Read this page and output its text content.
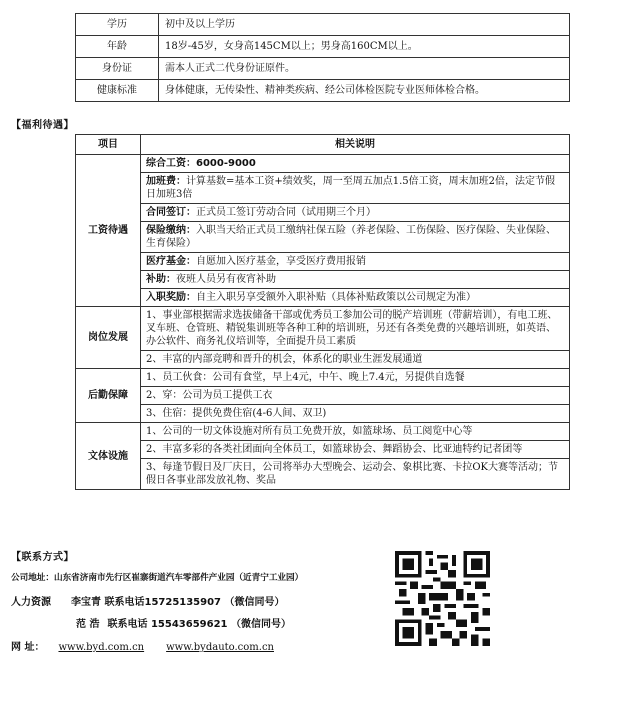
学历	初中及以上学历
年龄	18岁-45岁，女身高145CM以上；男身高160CM以上。
身份证	需本人正式二代身份证原件。
健康标准	身体健康，无传染性、精神类疾病、经公司体检医院专业医师体检合格。
【福利待遇】
项目	相关说明
工资待遇	综合工资：6000-9000
	加班费：计算基数=基本工资+绩效奖，周一至周五加点1.5倍工资，周末加班2倍，法定节假日加班3倍
	合同签订：正式员工签订劳动合同（试用期三个月）
	保险缴纳：入职当天给正式员工缴纳社保五险（养老保险、工伤保险、医疗保险、失业保险、生育保险）
	医疗基金：自愿加入医疗基金，享受医疗费用报销
	补助：夜班人员另有夜宵补助
	入职奖励：自主入职另享受额外入职补贴（具体补贴政策以公司规定为准）
岗位发展	1、事业部根据需求选拔储备干部或优秀员工参加公司的脱产培训班（带薪培训），有电工班、叉车班、仓管班、精锐集训班等各种工种的培训班，另还有各类免费的兴趣培训班，如英语、办公软件、商务礼仪培训等，全面提升员工素质
	2、丰富的内部竞聘和晋升的机会，体系化的职业生涯发展通道
后勤保障	1、员工伙食：公司有食堂，早上4元，中午、晚上7.4元，另提供自选餐
	2、穿：公司为员工提供工衣
	3、住宿：提供免费住宿(4-6人间、双卫)
文体设施	1、公司的一切文体设施对所有员工免费开放，如篮球场、员工阅览中心等
	2、丰富多彩的各类社团面向全体员工，如篮球协会、舞蹈协会、比亚迪特约记者团等
	3、每逢节假日及厂庆日，公司将举办大型晚会、运动会、象棋比赛、卡拉OK大赛等活动；节假日各事业部发放礼物、奖品
【联系方式】
公司地址：山东省济南市先行区崔寨街道汽车零部件产业园（近青宁工业园）
人力资源 李宝青 联系电话15725135907 （微信同号）
范 浩 联系电话 15543659621 （微信同号）
网 址： www.byd.com.cn www.bydauto.com.cn
